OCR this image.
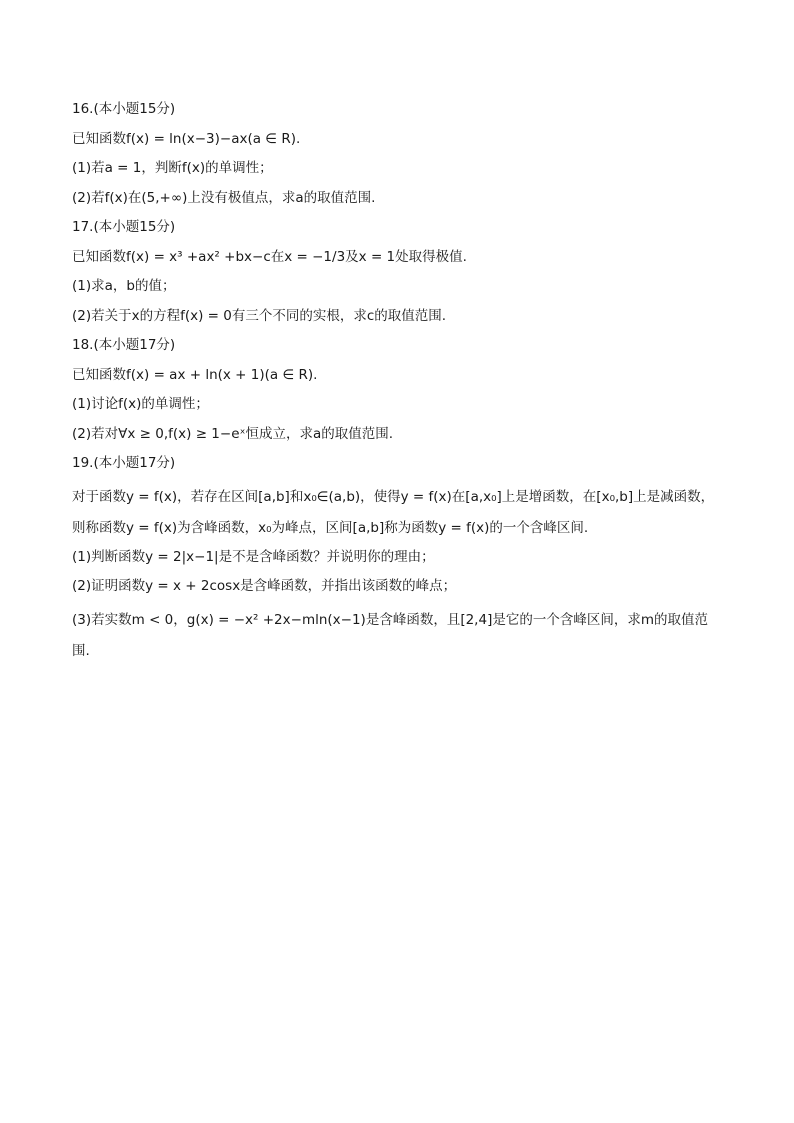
16.(本小题15分)
已知函数f(x) = ln(x−3)−ax(a ∈ R).
(1)若a = 1，判断f(x)的单调性；
(2)若f(x)在(5,+∞)上没有极值点，求a的取值范围.
17.(本小题15分)
已知函数f(x) = x³ +ax² +bx−c在x = −1/3及x = 1处取得极值.
(1)求a，b的值；
(2)若关于x的方程f(x) = 0有三个不同的实根，求c的取值范围.
18.(本小题17分)
已知函数f(x) = ax + ln(x + 1)(a ∈ R).
(1)讨论f(x)的单调性；
(2)若对∀x ≥ 0,f(x) ≥ 1−eˣ恒成立，求a的取值范围.
19.(本小题17分)
对于函数y = f(x)，若存在区间[a,b]和x₀∈(a,b)，使得y = f(x)在[a,x₀]上是增函数，在[x₀,b]上是减函数，则称函数y = f(x)为含峰函数，x₀为峰点，区间[a,b]称为函数y = f(x)的一个含峰区间.
(1)判断函数y = 2|x−1|是不是含峰函数？并说明你的理由；
(2)证明函数y = x + 2cosx是含峰函数，并指出该函数的峰点；
(3)若实数m < 0，g(x) = −x² +2x−mln(x−1)是含峰函数，且[2,4]是它的一个含峰区间，求m的取值范围.
